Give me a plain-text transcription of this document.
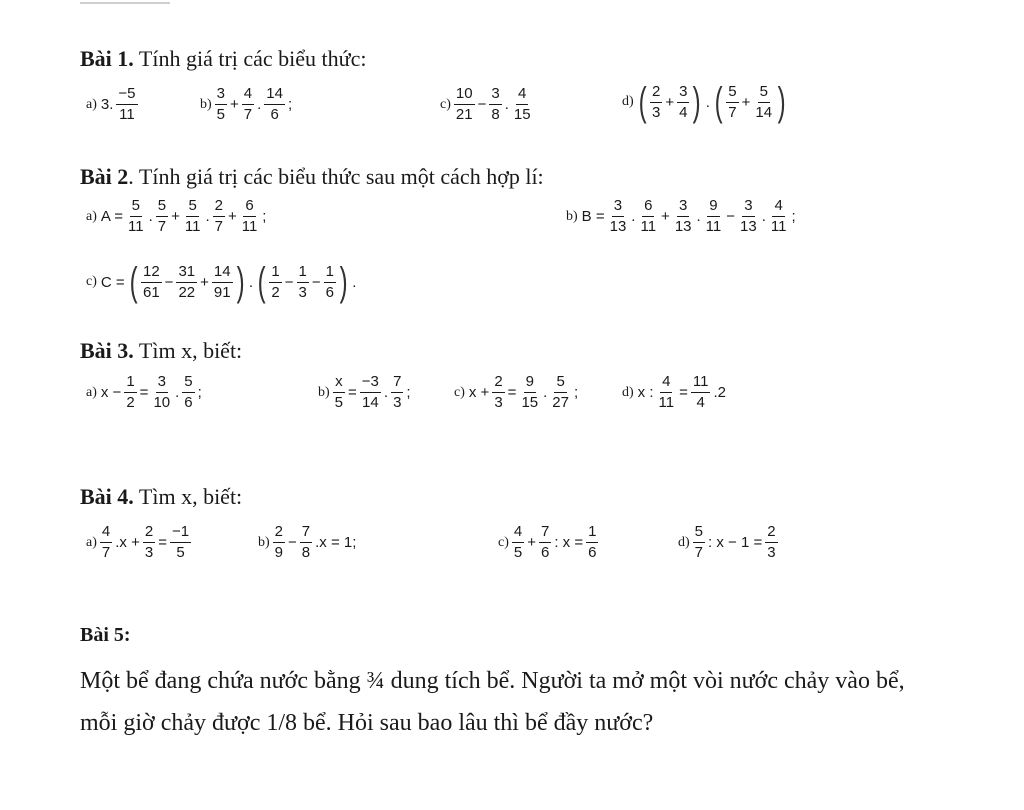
Bài 1. Tính giá trị các biểu thức:
a) 3. $\frac{-5}{11}$	$b) \frac{3}{5} + \frac{4}{7}$ . $\frac{14}{6}$ ;	$c) \frac{10}{21} - \frac{3}{8}$ . $\frac{4}{15}$	d) ( $\frac{2}{3} + \frac{3}{4}$ ) . ( $\frac{5}{7} + \frac{5}{14}$ )
Bài 2. Tính giá trị các biểu thức sau một cách hợp lí:
a) $A = \frac{5}{11}$ . $\frac{5}{7} + \frac{5}{11}$ . $\frac{2}{7} + \frac{6}{11}$ ;	b) $B = \frac{3}{13}$ . $\frac{6}{11} + \frac{3}{13}$ . $\frac{9}{11} - \frac{3}{13}$ . $\frac{4}{11}$ ;
c) C = ( $\frac{12}{61} - \frac{31}{22} + \frac{14}{91}$ ) . ( $\frac{1}{2} - \frac{1}{3} - \frac{1}{6}$ ) .
Bài 3. Tìm x, biết:
a) $x - \frac{1}{2} = \frac{3}{10}$ . $\frac{5}{6}$ ;	$b) \frac{x}{5} = \frac{-3}{14}$ . $\frac{7}{3}$ ;	c) $x + \frac{2}{3} = \frac{9}{15}$ . $\frac{5}{27}$ ;	d) x : $\frac{4}{11} = \frac{11}{4} .2$
Bài 4. Tìm x, biết:
$a) \frac{4}{7} .x + \frac{2}{3} = \frac{-1}{5}$	$b) \frac{2}{9} - \frac{7}{8} .x = 1$;	$c) \frac{4}{5} + \frac{7}{6}$ : $x = \frac{1}{6}$	$d) \frac{5}{7}$ : $x - 1 = \frac{2}{3}$
Bài 5:
Một bể đang chứa nước bằng ¾ dung tích bể. Người ta mở một vòi nước chảy vào bể, mỗi giờ chảy được 1/8 bể. Hỏi sau bao lâu thì bể đầy nước?
